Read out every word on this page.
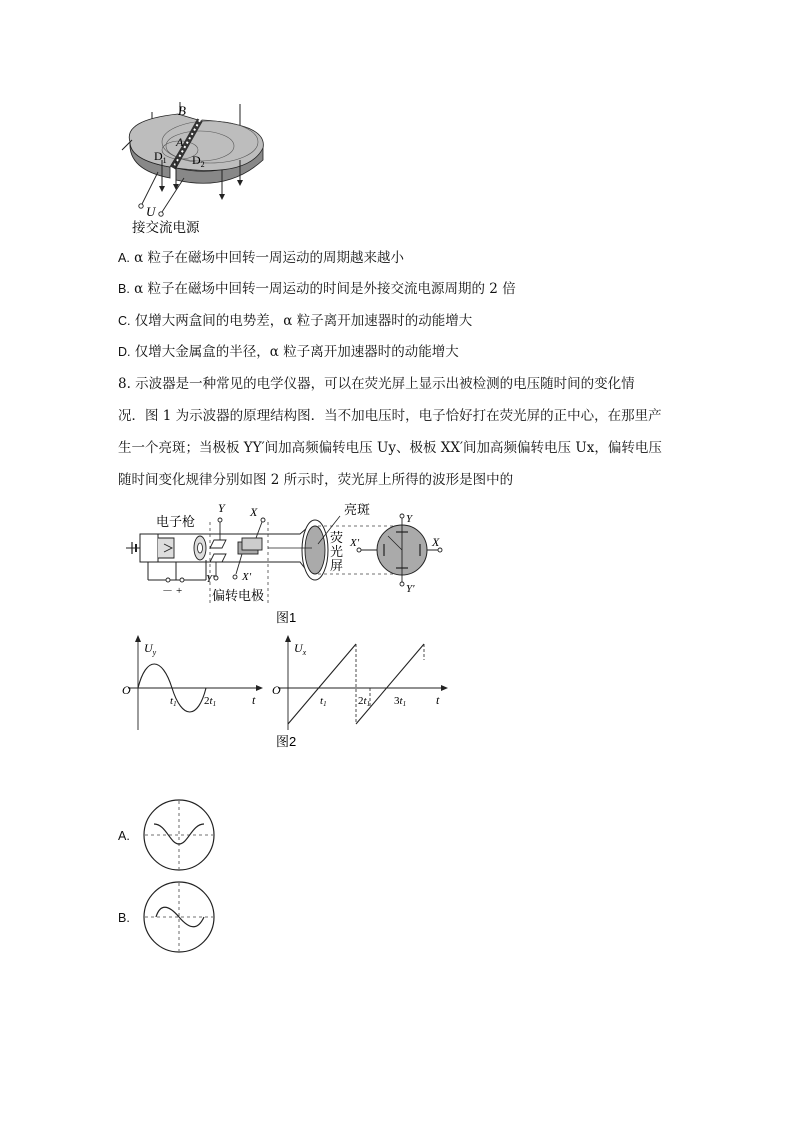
B
A
$D_1$ $D_2$
U
接交流电源
A. α 粒子在磁场中回转一周运动的周期越来越小
B. α 粒子在磁场中回转一周运动的时间是外接交流电源周期的 2 倍
C. 仅增大两盒间的电势差，α 粒子离开加速器时的动能增大
D. 仅增大金属盒的半径，α 粒子离开加速器时的动能增大
8. 示波器是一种常见的电学仪器，可以在荧光屏上显示出被检测的电压随时间的变化情
况．图 1 为示波器的原理结构图．当不加电压时，电子恰好打在荧光屏的正中心，在那里产
生一个亮斑；当极板 YY′间加高频偏转电压 Uy、极板 XX′间加高频偏转电压 Ux，偏转电压
随时间变化规律分别如图 2 所示时，荧光屏上所得的波形是图中的
电子枪
Y X
Y′ X′
偏转电极
亮斑
荧
光
屏
Y
Y′
X′	X
－ +
图1
$U_y$
O
t1 2t1	t
$U_x$
O
t1	2t1 3t1 t
图2
A.
B.
